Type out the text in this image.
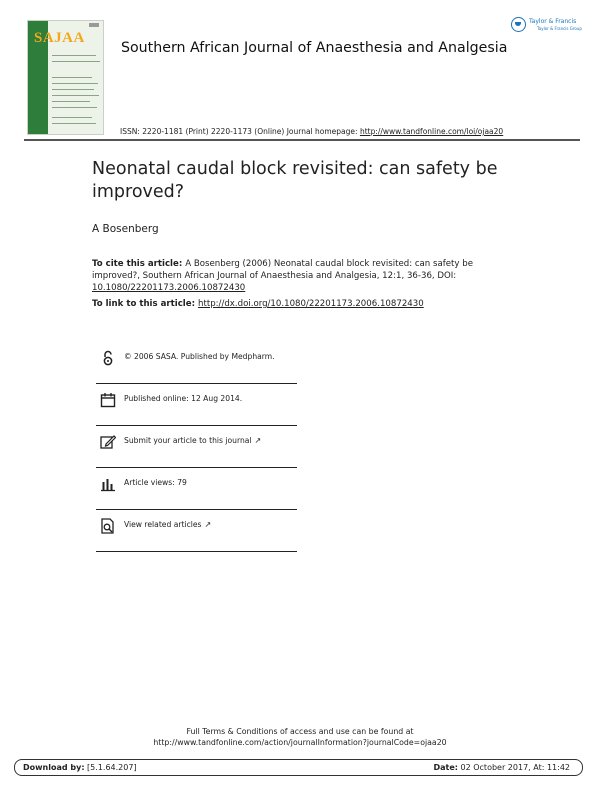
SAJAA
Southern African Journal of Anaesthesia and Analgesia
Taylor & Francis
Taylor & Francis Group
ISSN: 2220-1181 (Print) 2220-1173 (Online) Journal homepage: http://www.tandfonline.com/loi/ojaa20
Neonatal caudal block revisited: can safety be improved?
A Bosenberg
To cite this article: A Bosenberg (2006) Neonatal caudal block revisited: can safety be improved?, Southern African Journal of Anaesthesia and Analgesia, 12:1, 36-36, DOI: 10.1080/22201173.2006.10872430
To link to this article: http://dx.doi.org/10.1080/22201173.2006.10872430
© 2006 SASA. Published by Medpharm.
Published online: 12 Aug 2014.
Submit your article to this journal ↗
Article views: 79
View related articles ↗
Full Terms & Conditions of access and use can be found at
http://www.tandfonline.com/action/journalInformation?journalCode=ojaa20
Download by: [5.1.64.207]	Date: 02 October 2017, At: 11:42
